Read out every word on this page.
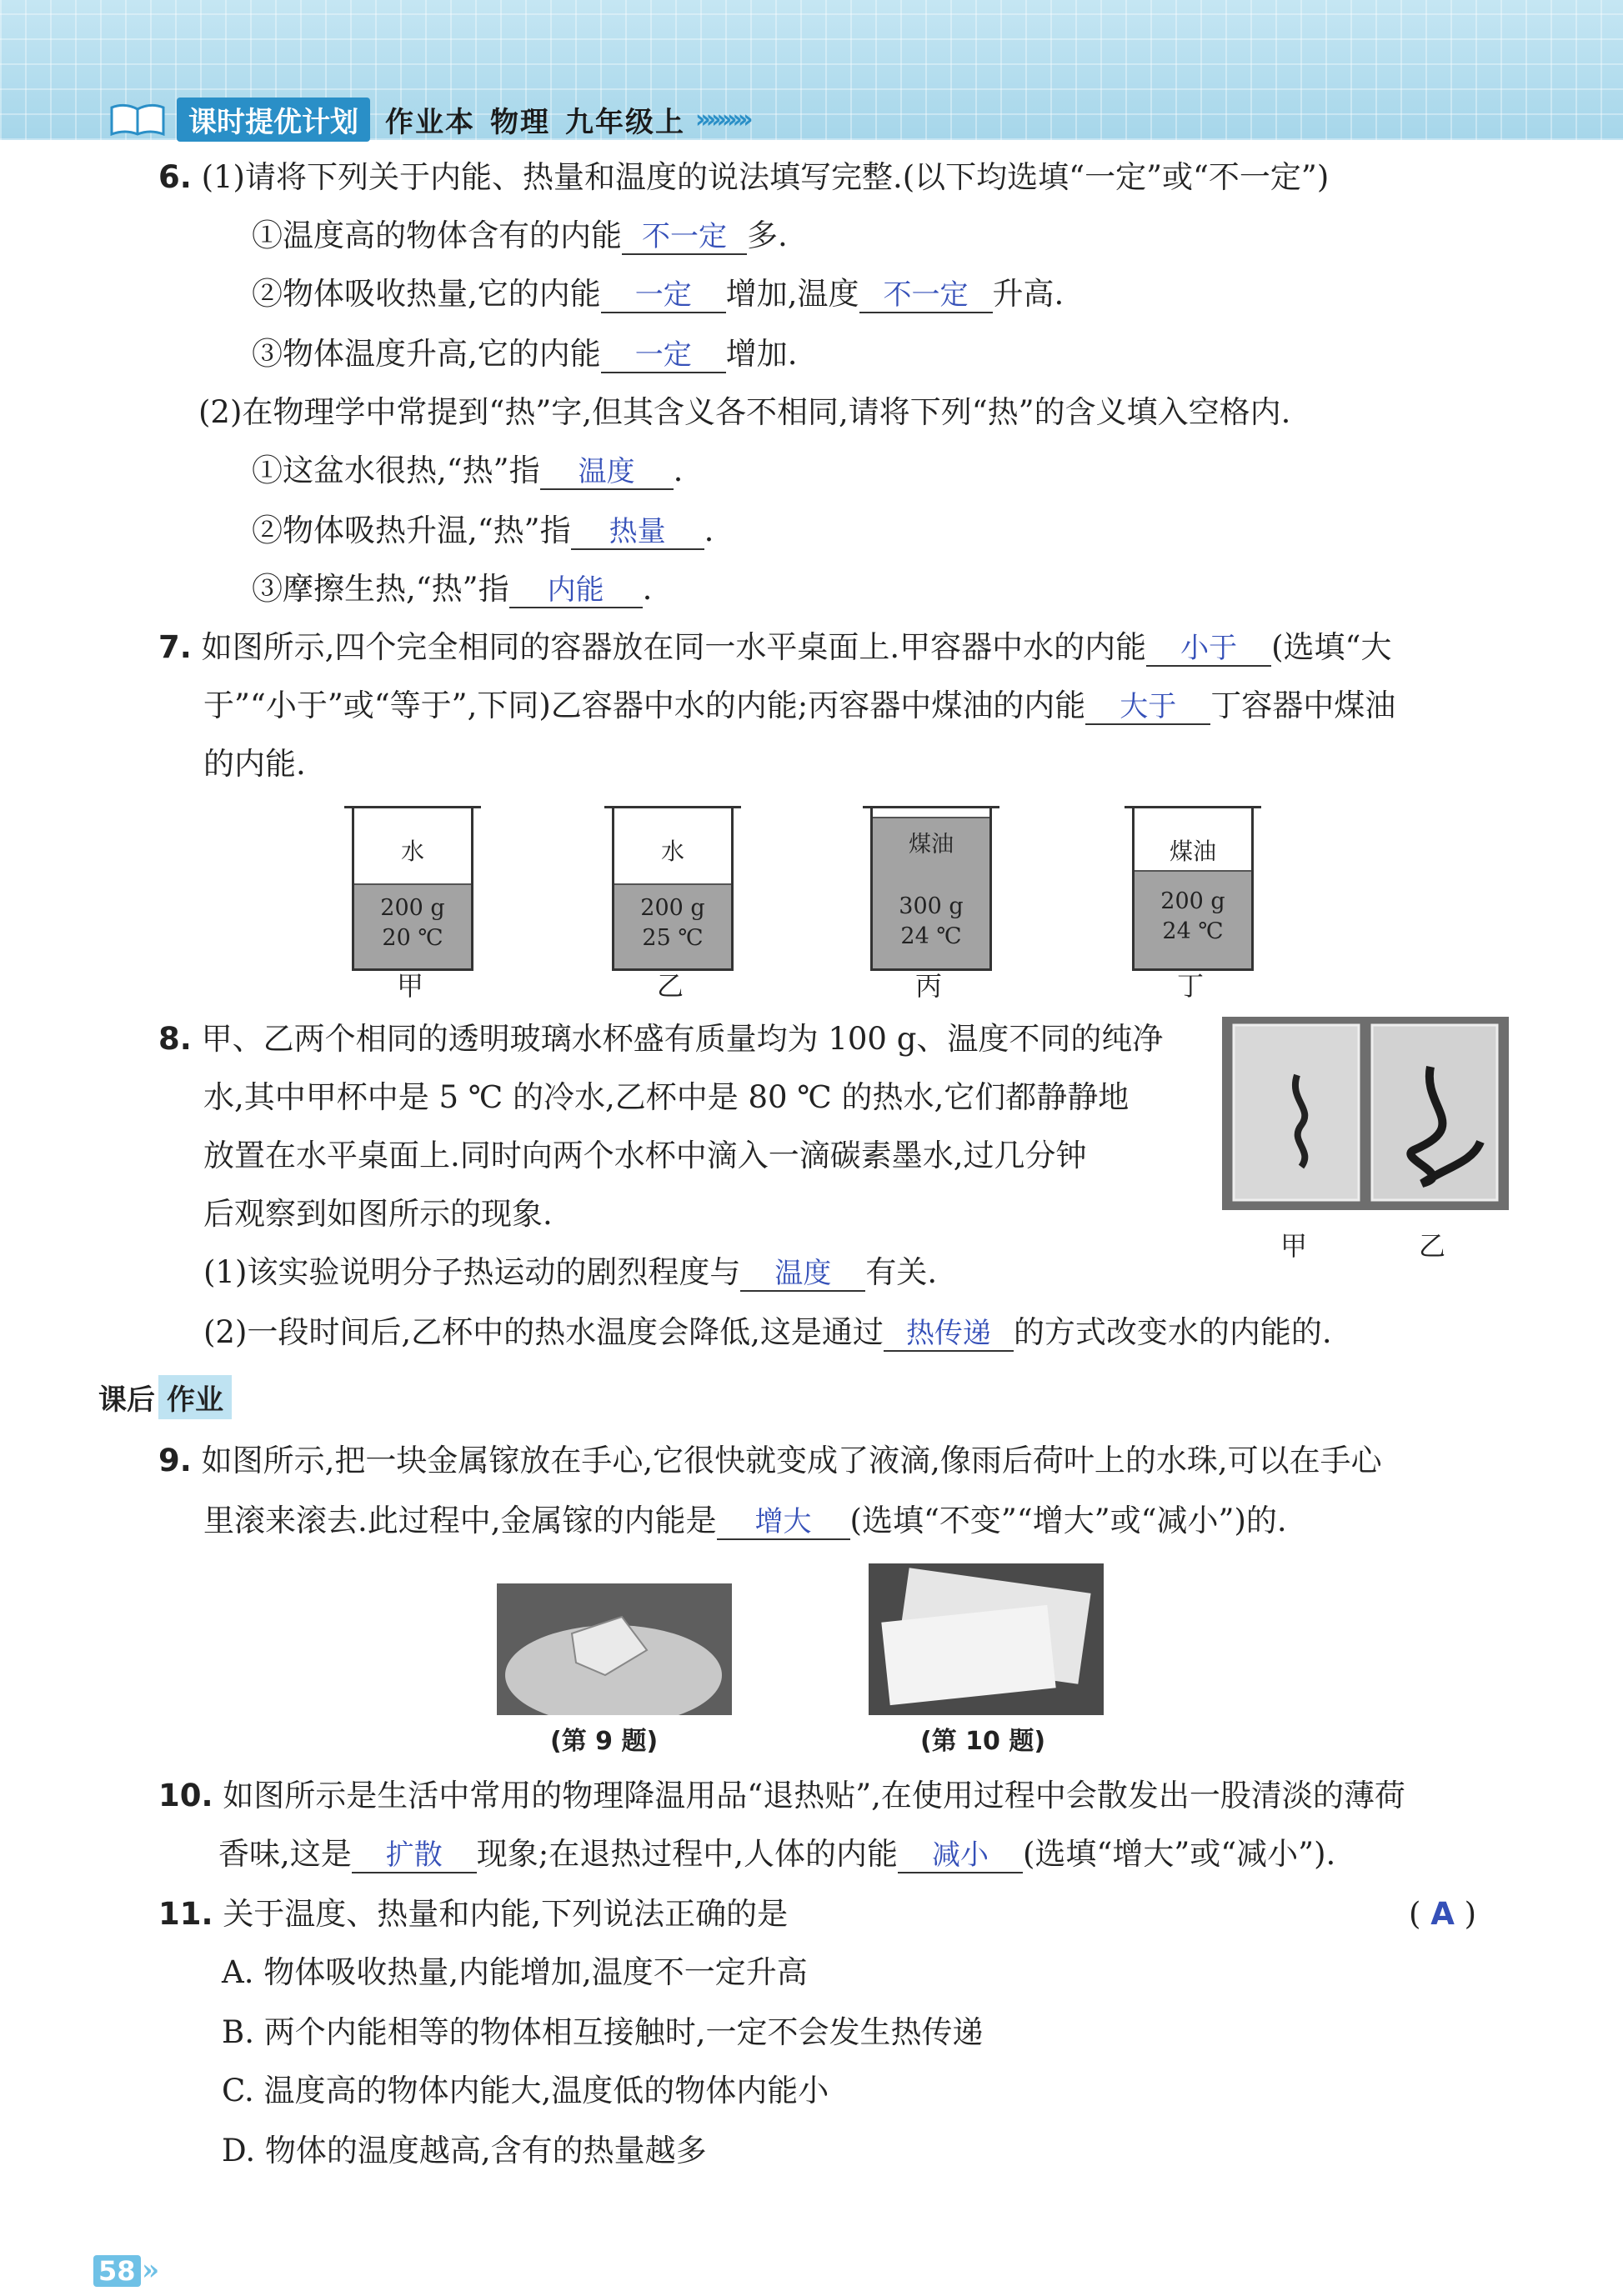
课时提优计划 作业本 物理 九年级上 ››››››››››
6. (1)请将下列关于内能、热量和温度的说法填写完整.(以下均选填“一定”或“不一定”)
①温度高的物体含有的内能 不一定 多.
②物体吸收热量,它的内能 一定 增加,温度 不一定 升高.
③物体温度升高,它的内能 一定 增加.
(2)在物理学中常提到“热”字,但其含义各不相同,请将下列“热”的含义填入空格内.
①这盆水很热,“热”指 温度 .
②物体吸热升温,“热”指 热量 .
③摩擦生热,“热”指 内能 .
7. 如图所示,四个完全相同的容器放在同一水平桌面上.甲容器中水的内能 小于 (选填“大
于”“小于”或“等于”,下同)乙容器中水的内能;丙容器中煤油的内能 大于 丁容器中煤油
的内能.
水
200 g
20 ℃
甲
水
200 g
25 ℃
乙
煤油
300 g
24 ℃
丙
煤油
200 g
24 ℃
丁
8. 甲、乙两个相同的透明玻璃水杯盛有质量均为 100 g、温度不同的纯净
水,其中甲杯中是 5 ℃ 的冷水,乙杯中是 80 ℃ 的热水,它们都静静地
放置在水平桌面上.同时向两个水杯中滴入一滴碳素墨水,过几分钟
后观察到如图所示的现象.
甲	乙
(1)该实验说明分子热运动的剧烈程度与 温度 有关.
(2)一段时间后,乙杯中的热水温度会降低,这是通过 热传递 的方式改变水的内能的.
课后 作业
9. 如图所示,把一块金属镓放在手心,它很快就变成了液滴,像雨后荷叶上的水珠,可以在手心
里滚来滚去.此过程中,金属镓的内能是 增大 (选填“不变”“增大”或“减小”)的.
(第 9 题)	(第 10 题)
10. 如图所示是生活中常用的物理降温用品“退热贴”,在使用过程中会散发出一股清淡的薄荷
香味,这是 扩散 现象;在退热过程中,人体的内能 减小 (选填“增大”或“减小”).
11. 关于温度、热量和内能,下列说法正确的是	( A )
A. 物体吸收热量,内能增加,温度不一定升高
B. 两个内能相等的物体相互接触时,一定不会发生热传递
C. 温度高的物体内能大,温度低的物体内能小
D. 物体的温度越高,含有的热量越多
58 »
